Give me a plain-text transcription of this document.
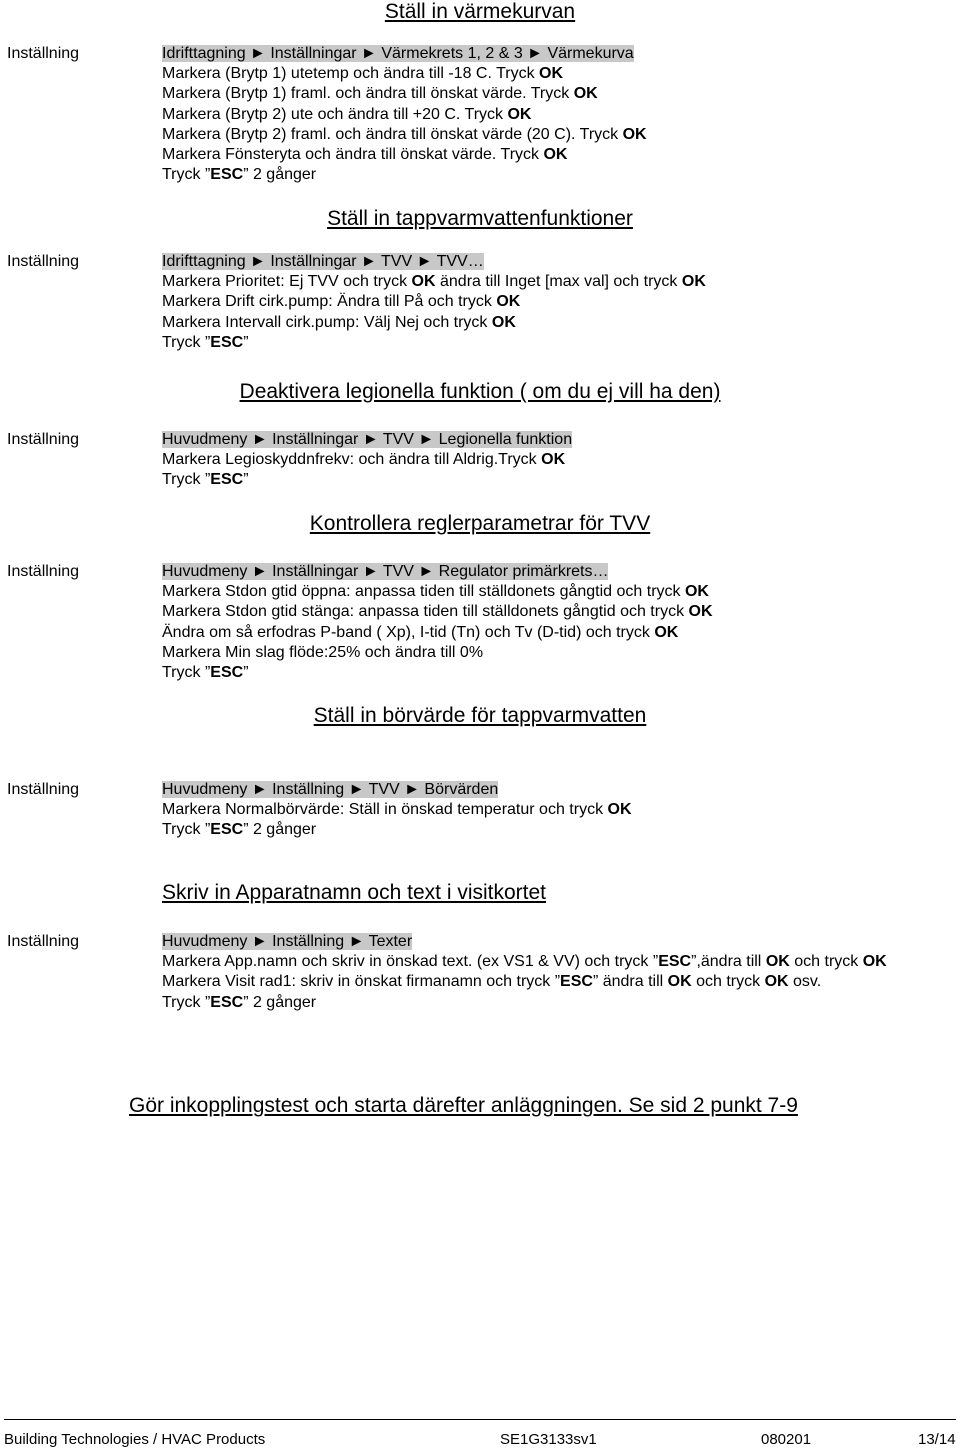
Ställ in värmekurvan
Inställning	Idrifttagning ► Inställningar ► Värmekrets 1, 2 & 3 ► Värmekurva
Markera (Brytp 1) utetemp och ändra till -18 C. Tryck OK
Markera (Brytp 1) framl. och ändra till önskat värde. Tryck OK
Markera (Brytp 2) ute och ändra till +20 C. Tryck OK
Markera (Brytp 2) framl. och ändra till önskat värde (20 C). Tryck OK
Markera Fönsteryta och ändra till önskat värde. Tryck OK
Tryck ”ESC” 2 gånger
Ställ in tappvarmvattenfunktioner
Inställning	Idrifttagning ► Inställningar ► TVV ► TVV…
Markera Prioritet: Ej TVV och tryck OK ändra till Inget [max val] och tryck OK
Markera Drift cirk.pump: Ändra till På och tryck OK
Markera Intervall cirk.pump: Välj Nej och tryck OK
Tryck ”ESC”
Deaktivera legionella funktion ( om du ej vill ha den)
Inställning	Huvudmeny ► Inställningar ► TVV ► Legionella funktion
Markera Legioskyddnfrekv: och ändra till Aldrig.Tryck OK
Tryck ”ESC”
Kontrollera reglerparametrar för TVV
Inställning	Huvudmeny ► Inställningar ► TVV ► Regulator primärkrets…
Markera Stdon gtid öppna: anpassa tiden till ställdonets gångtid och tryck OK
Markera Stdon gtid stänga: anpassa tiden till ställdonets gångtid och tryck OK
Ändra om så erfodras P-band ( Xp), I-tid (Tn) och Tv (D-tid) och tryck OK
Markera Min slag flöde:25% och ändra till 0%
Tryck ”ESC”
Ställ in börvärde för tappvarmvatten
Inställning	Huvudmeny ► Inställning ► TVV ► Börvärden
Markera Normalbörvärde: Ställ in önskad temperatur och tryck OK
Tryck ”ESC” 2 gånger
Skriv in Apparatnamn och text i visitkortet
Inställning	Huvudmeny ► Inställning ► Texter
Markera App.namn och skriv in önskad text. (ex VS1 & VV) och tryck ”ESC”,ändra till OK och tryck OK
Markera Visit rad1: skriv in önskat firmanamn och tryck ”ESC” ändra till OK och tryck OK osv.
Tryck ”ESC” 2 gånger
Gör inkopplingstest och starta därefter anläggningen. Se sid 2 punkt 7-9
Building Technologies / HVAC Products	SE1G3133sv1	080201	13/14
